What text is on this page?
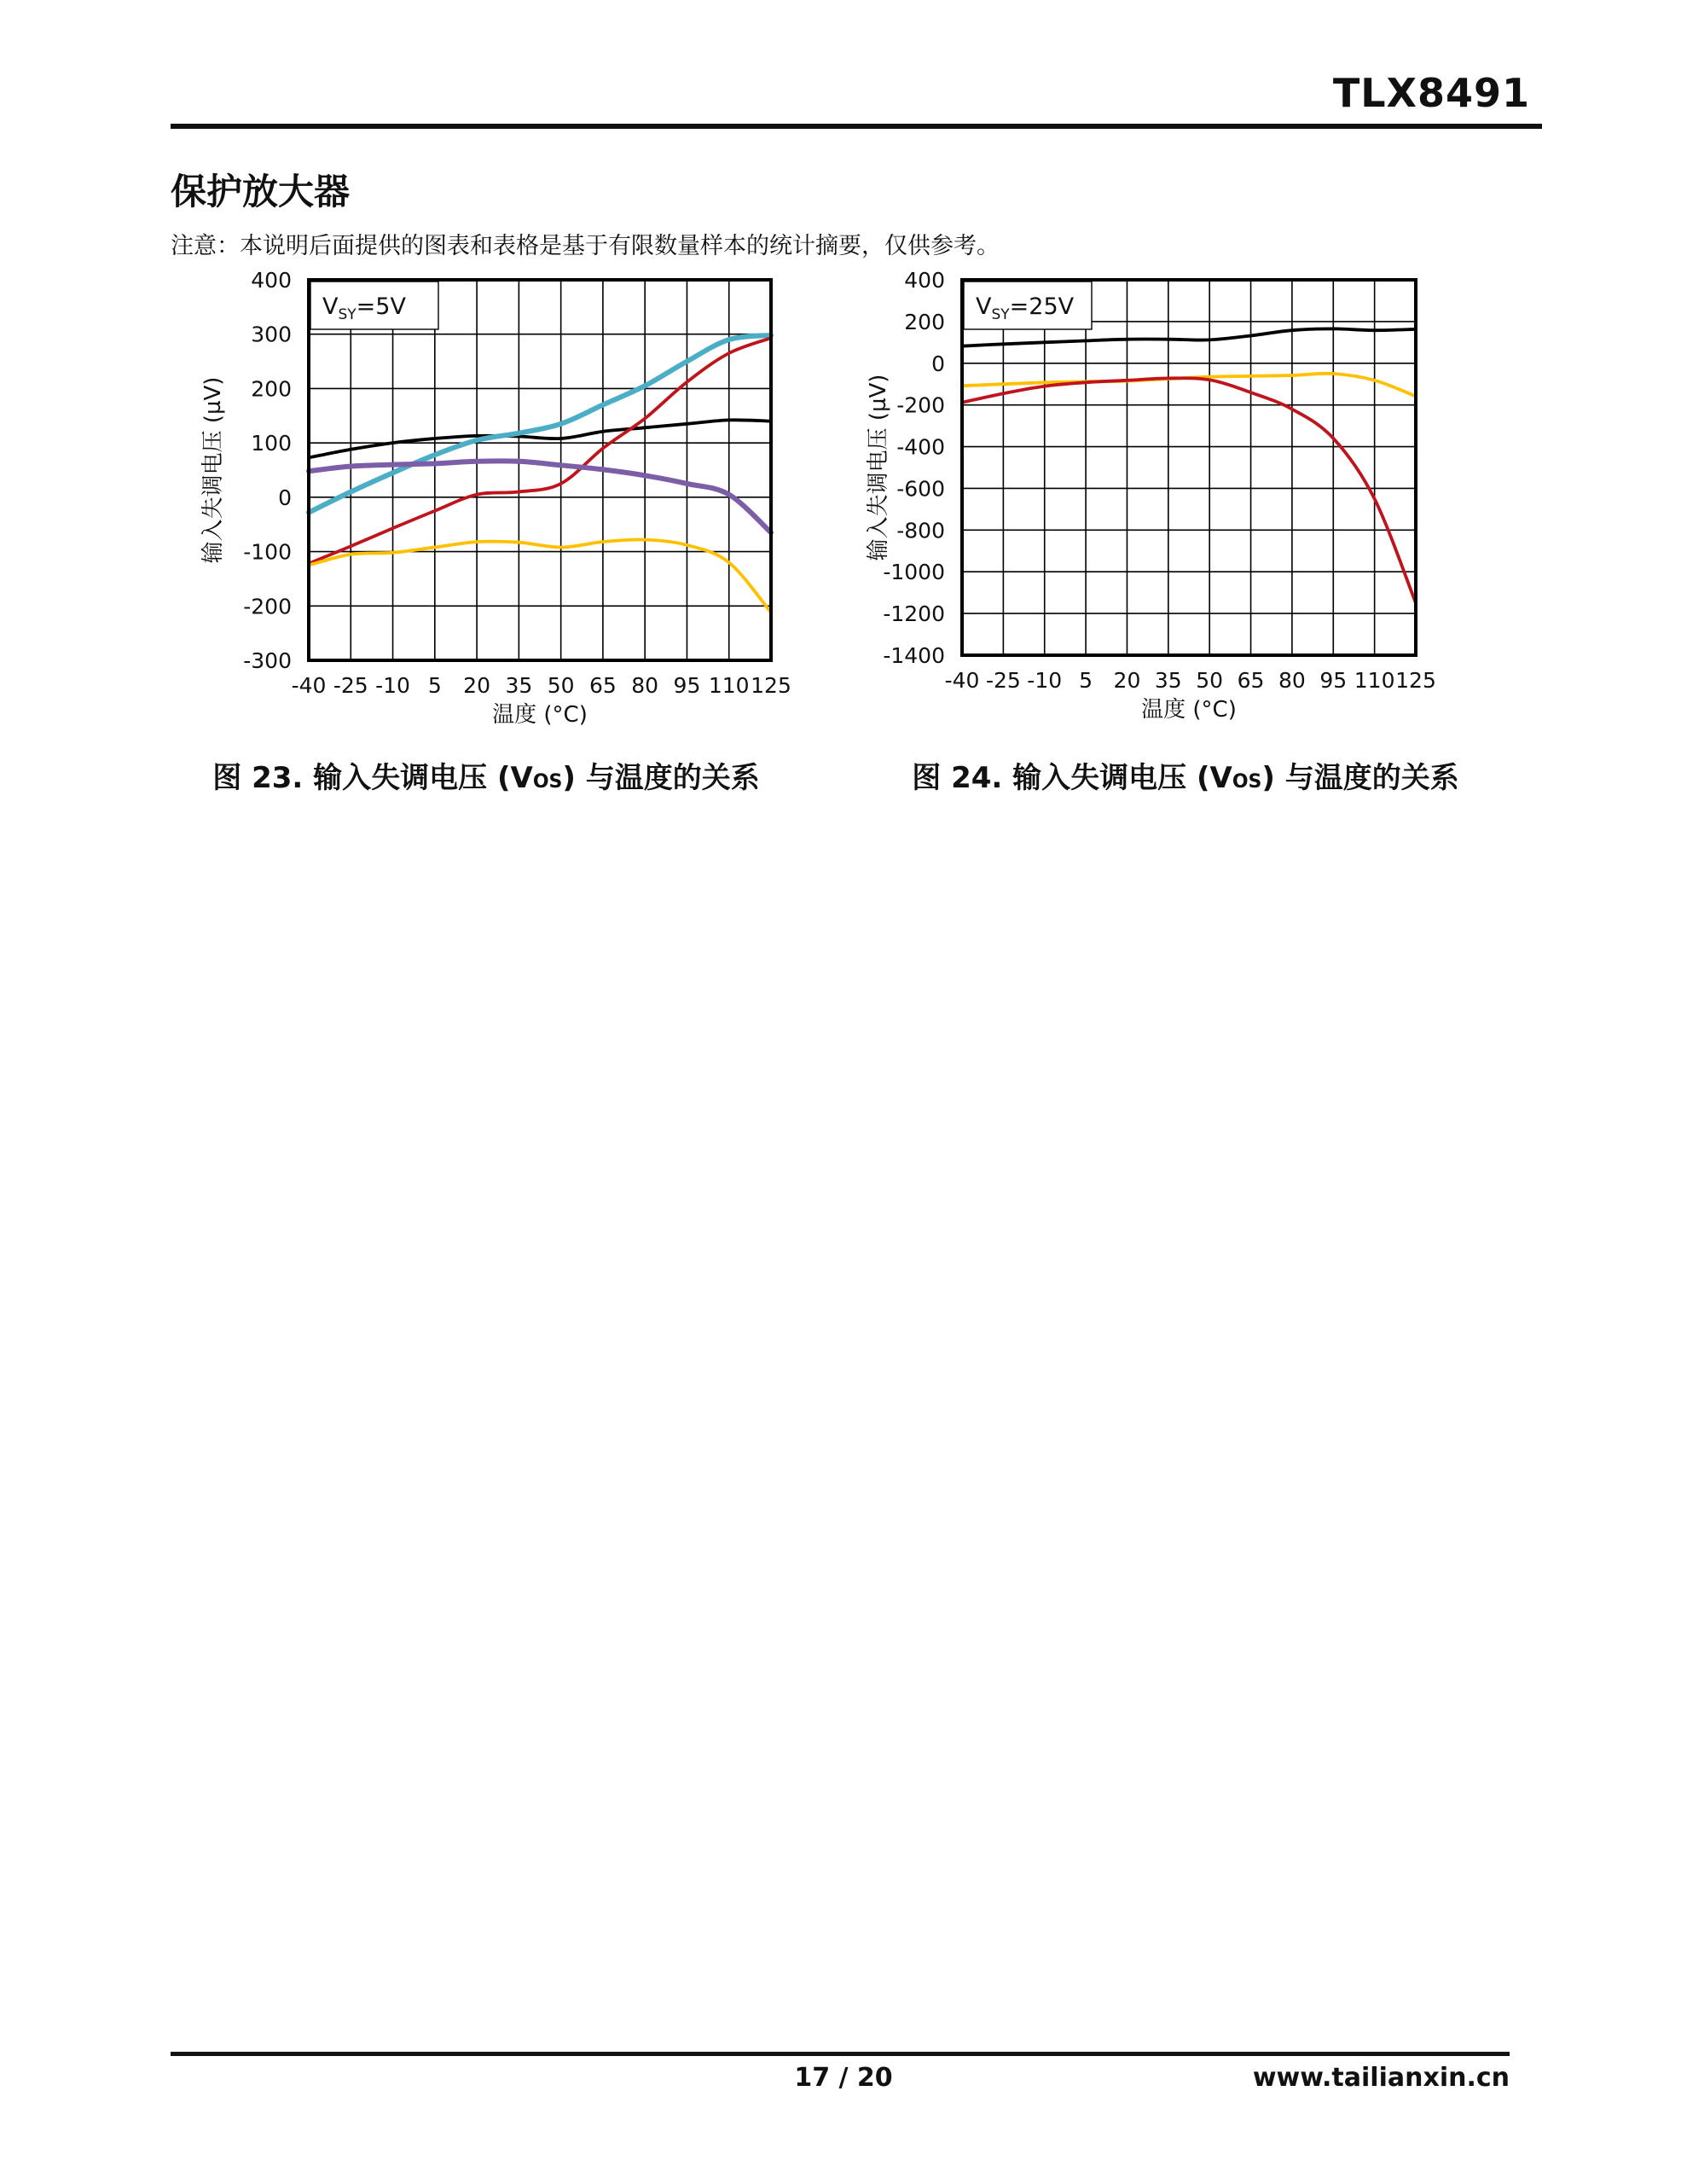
TLX8491
保护放大器
注意：本说明后面提供的图表和表格是基于有限数量样本的统计摘要，仅供参考。
$V_{SY}=5V$
400
300
200
100
0
-100
-200
-300
-40 -25 -10 5 20 35 50 65 80 95 110 125
温度 (°C)
输入失调电压 (µV)
$V_{SY}=25V$
400
200
0
-200
-400
-600
-800
-1000
-1200
-1400
-40 -25 -10 5 20 35 50 65 80 95 110 125
温度 (°C)
输入失调电压 (µV)
图 23. 输入失调电压 (VOS) 与温度的关系	图 24. 输入失调电压 (VOS) 与温度的关系
17 / 20	www.tailianxin.cn
